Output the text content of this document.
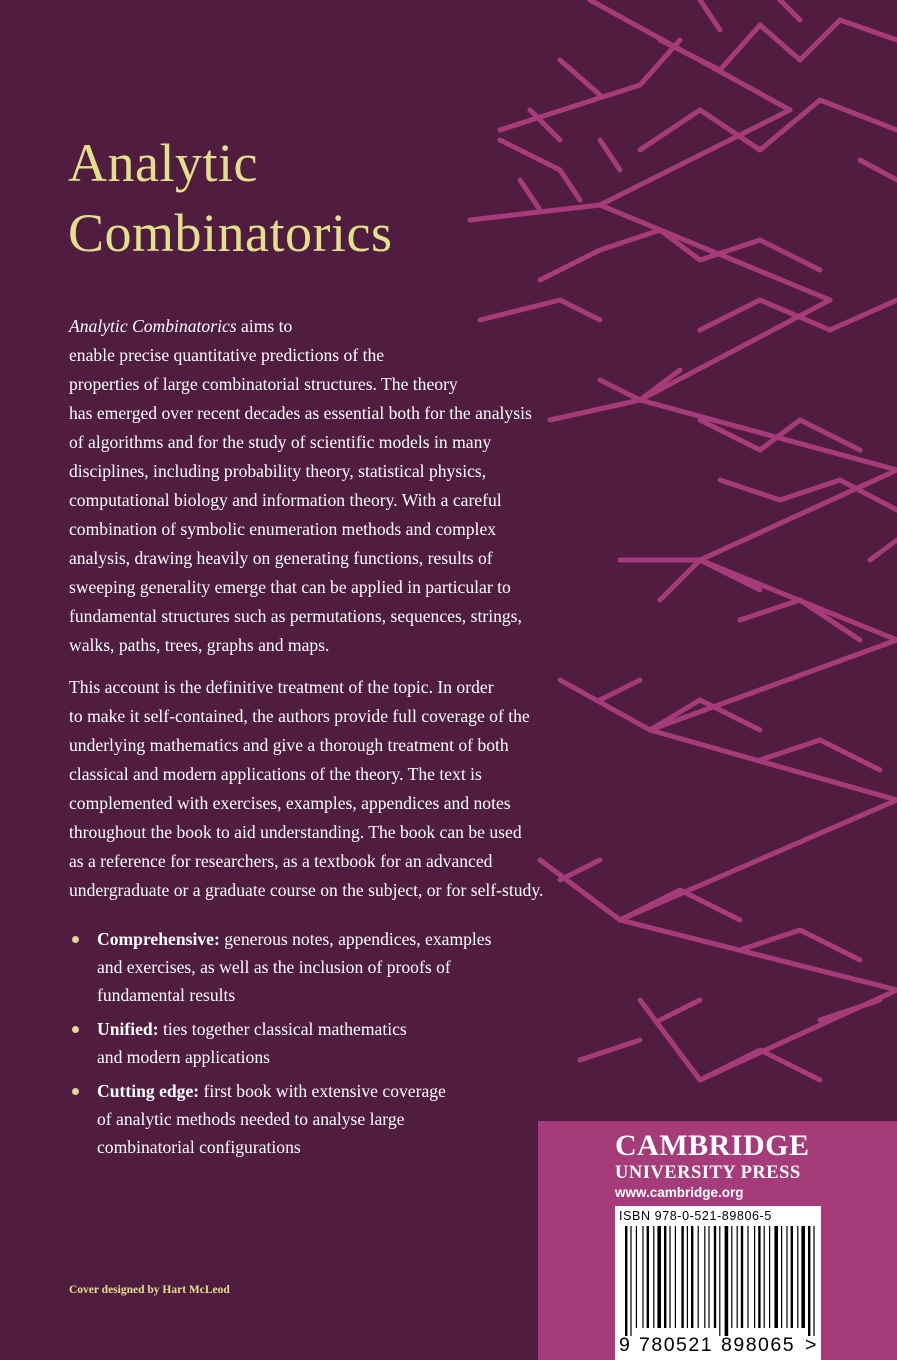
Analytic
Combinatorics
Analytic Combinatorics aims to
enable precise quantitative predictions of the
properties of large combinatorial structures. The theory
has emerged over recent decades as essential both for the analysis
of algorithms and for the study of scientific models in many
disciplines, including probability theory, statistical physics,
computational biology and information theory. With a careful
combination of symbolic enumeration methods and complex
analysis, drawing heavily on generating functions, results of
sweeping generality emerge that can be applied in particular to
fundamental structures such as permutations, sequences, strings,
walks, paths, trees, graphs and maps.
This account is the definitive treatment of the topic. In order
to make it self-contained, the authors provide full coverage of the
underlying mathematics and give a thorough treatment of both
classical and modern applications of the theory. The text is
complemented with exercises, examples, appendices and notes
throughout the book to aid understanding. The book can be used
as a reference for researchers, as a textbook for an advanced
undergraduate or a graduate course on the subject, or for self-study.
Comprehensive: generous notes, appendices, examples
and exercises, as well as the inclusion of proofs of
fundamental results
Unified: ties together classical mathematics
and modern applications
Cutting edge: first book with extensive coverage
of analytic methods needed to analyse large
combinatorial configurations
Cover designed by Hart McLeod
CAMBRIDGE
UNIVERSITY PRESS
www.cambridge.org
ISBN 978-0-521-89806-5
9 780521 898065 >
